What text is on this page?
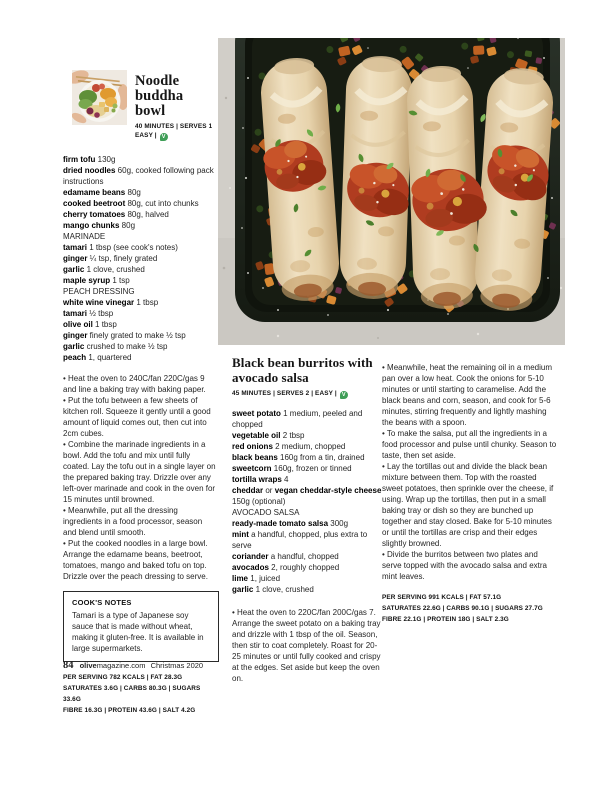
Noodle buddha bowl
40 MINUTES | SERVES 1
EASY | V
firm tofu 130g
dried noodles 60g, cooked following pack instructions
edamame beans 80g
cooked beetroot 80g, cut into chunks
cherry tomatoes 80g, halved
mango chunks 80g
MARINADE
tamari 1 tbsp (see cook's notes)
ginger ¼ tsp, finely grated
garlic 1 clove, crushed
maple syrup 1 tsp
PEACH DRESSING
white wine vinegar 1 tbsp
tamari ½ tbsp
olive oil 1 tbsp
ginger finely grated to make ½ tsp
garlic crushed to make ½ tsp
peach 1, quartered
• Heat the oven to 240C/fan 220C/gas 9 and line a baking tray with baking paper.
• Put the tofu between a few sheets of kitchen roll. Squeeze it gently until a good amount of liquid comes out, then cut into 2cm cubes.
• Combine the marinade ingredients in a bowl. Add the tofu and mix until fully coated. Lay the tofu out in a single layer on the prepared baking tray. Drizzle over any left-over marinade and cook in the oven for 15 minutes until browned.
• Meanwhile, put all the dressing ingredients in a food processor, season and blend until smooth.
• Put the cooked noodles in a large bowl. Arrange the edamame beans, beetroot, tomatoes, mango and baked tofu on top. Drizzle over the peach dressing to serve.
COOK'S NOTES
Tamari is a type of Japanese soy sauce that is made without wheat, making it gluten-free. It is available in large supermarkets.
PER SERVING 782 KCALS | FAT 28.3G
SATURATES 3.6G | CARBS 80.3G | SUGARS 33.6G
FIBRE 16.3G | PROTEIN 43.6G | SALT 4.2G
Black bean burritos with avocado salsa
45 MINUTES | SERVES 2 | EASY | V
sweet potato 1 medium, peeled and chopped
vegetable oil 2 tbsp
red onions 2 medium, chopped
black beans 160g from a tin, drained
sweetcorn 160g, frozen or tinned
tortilla wraps 4
cheddar or vegan cheddar-style cheese 150g (optional)
AVOCADO SALSA
ready-made tomato salsa 300g
mint a handful, chopped, plus extra to serve
coriander a handful, chopped
avocados 2, roughly chopped
lime 1, juiced
garlic 1 clove, crushed
• Heat the oven to 220C/fan 200C/gas 7. Arrange the sweet potato on a baking tray and drizzle with 1 tbsp of the oil. Season, then stir to coat completely. Roast for 20-25 minutes or until fully cooked and crispy at the edges. Set aside but keep the oven on.
• Meanwhile, heat the remaining oil in a medium pan over a low heat. Cook the onions for 5-10 minutes or until starting to caramelise. Add the black beans and corn, season, and cook for 5-6 minutes, stirring frequently and lightly mashing the beans with a spoon.
• To make the salsa, put all the ingredients in a food processor and pulse until chunky. Season to taste, then set aside.
• Lay the tortillas out and divide the black bean mixture between them. Top with the roasted sweet potatoes, then sprinkle over the cheese, if using. Wrap up the tortillas, then put in a small baking tray or dish so they are bunched up together and stay closed. Bake for 5-10 minutes or until the tortillas are crisp and their edges slightly browned.
• Divide the burritos between two plates and serve topped with the avocado salsa and extra mint leaves.
PER SERVING 991 KCALS | FAT 57.1G
SATURATES 22.6G | CARBS 90.1G | SUGARS 27.7G
FIBRE 22.1G | PROTEIN 18G | SALT 2.3G
84 olivemagazine.com Christmas 2020
